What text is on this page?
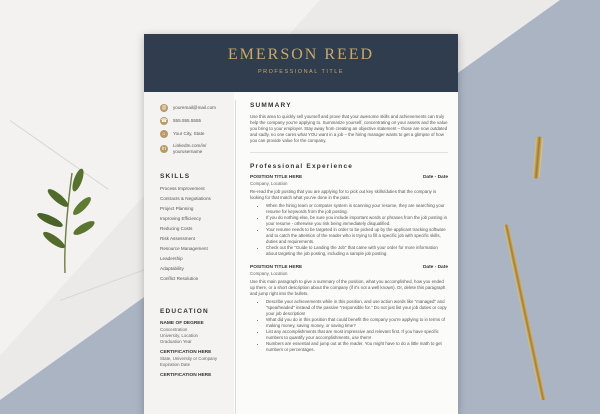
EMERSON REED
PROFESSIONAL TITLE
@	youremail@mail.com
☎ 555.555.5555
⌂	Your City, State
in	LinkedIn.com/in/ yourusername
SKILLS
Process Improvement
Contracts & Negotiations
Project Planning
Improving Efficiency
Reducing Costs
Risk Assessment
Resource Management
Leadership
Adaptability
Conflict Resolution
EDUCATION
NAME OF DEGREE
Concentration
University, Location
Graduation Year
CERTIFICATION HERE
State, University or Company
Expiration Date
CERTIFICATION HERE
SUMMARY
Use this area to quickly sell yourself and prove that your awesome skills and achievements can truly help the company you're applying to. Summarize yourself, concentrating on your assets and the value you bring to your employer. Stay away from creating an objective statement – those are now outdated and sadly, no one cares what YOU want in a job – the hiring manager wants to get a glimpse of how you can provide value for the company.
Professional Experience
POSITION TITLE HERE	Date - Date
Company, Location
Re-read the job posting that you are applying for to pick out key skills/duties that the company is looking for that match what you've done in the past.
• When the hiring team or computer system is scanning your resume, they are searching your resume for keywords from the job posting.
• If you do nothing else, be sure you include important words or phrases from the job posting in your resume - otherwise you risk being immediately disqualified.
• Your resume needs to be targeted in order to be picked up by the applicant tracking software and to catch the attention of the reader who is trying to fill a specific job with specific skills, duties and requirements.
• Check out the "Guide to Landing the Job" that came with your order for more information about targeting the job posting, including a sample job posting.
POSITION TITLE HERE	Date - Date
Company, Location
Use this main paragraph to give a summary of the position, what you accomplished, how you ended up there, or a short description about the company (if it's not a well known). Or, delete this paragraph and jump right into the bullets.
• Describe your achievements while in this position, and use action words like "managed" and "spearheaded" instead of the passive "responsible for." Do not just list your job duties or copy your job description!
• What did you do in this position that could benefit the company you're applying to in terms of making money, saving money, or saving time?
• List any accomplishments that are most impressive and relevant first. If you have specific numbers to quantify your accomplishments, use them!
• Numbers are essential and jump out at the reader. You might have to do a little math to get numbers or percentages.
